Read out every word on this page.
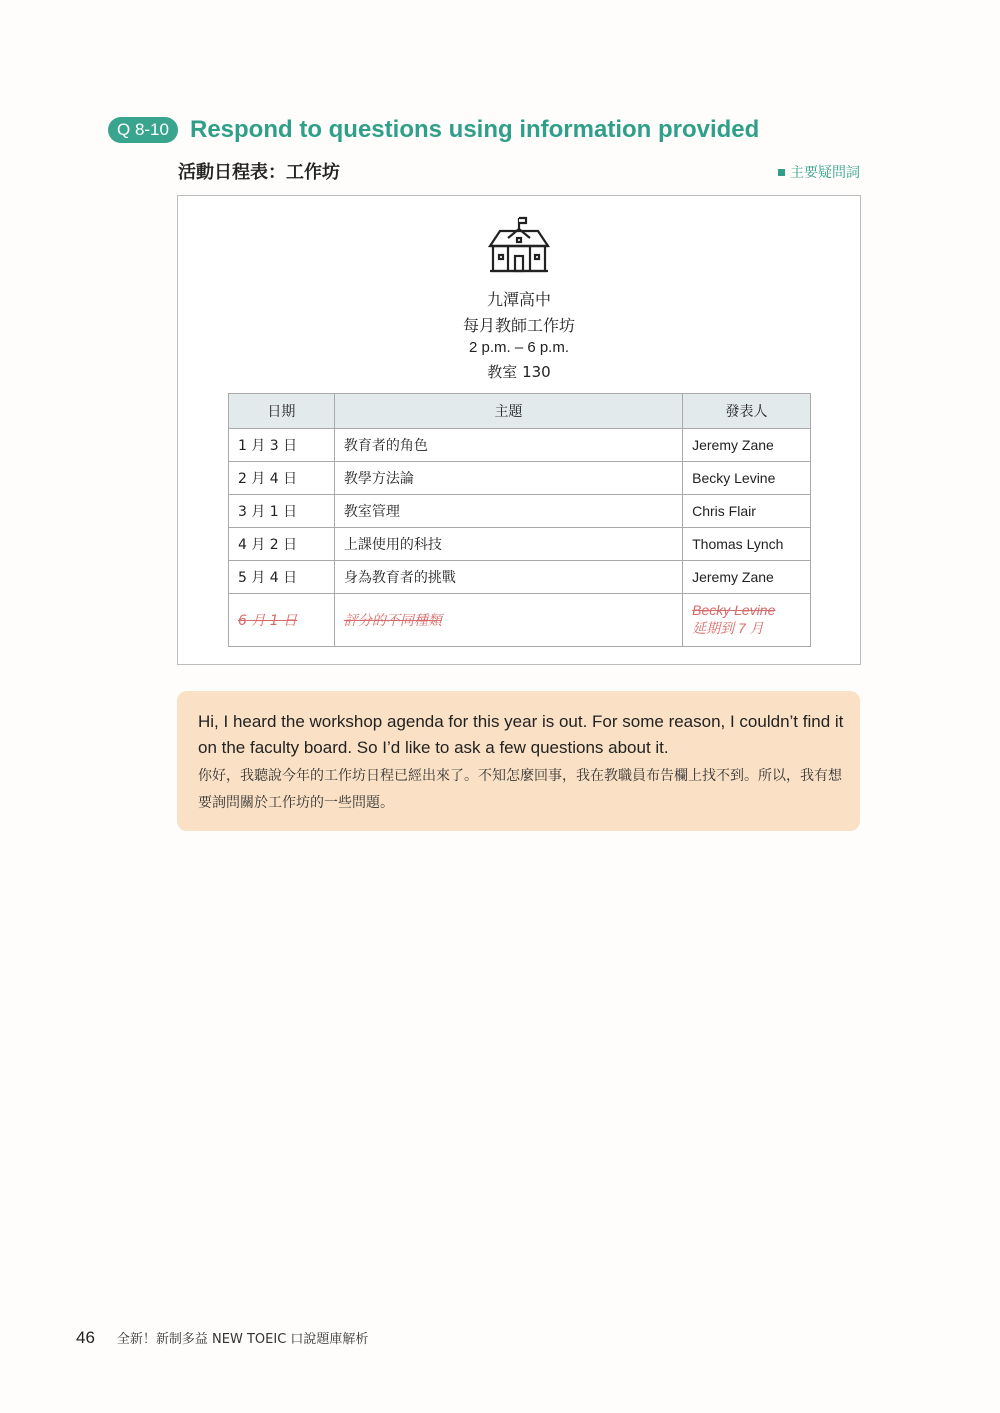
Q 8-10 Respond to questions using information provided
活動日程表：工作坊	主要疑問詞
九潭高中
每月教師工作坊
2 p.m. – 6 p.m.
教室 130
日期	主題	發表人
1 月 3 日	教育者的角色	Jeremy Zane
2 月 4 日	教學方法論	Becky Levine
3 月 1 日	教室管理	Chris Flair
4 月 2 日	上課使用的科技	Thomas Lynch
5 月 4 日	身為教育者的挑戰	Jeremy Zane
6 月 1 日	評分的不同種類	Becky Levine
延期到 7 月
Hi, I heard the workshop agenda for this year is out. For some reason, I couldn’t find it on the faculty board. So I’d like to ask a few questions about it.
你好，我聽說今年的工作坊日程已經出來了。不知怎麼回事，我在教職員布告欄上找不到。所以，我有想要詢問關於工作坊的一些問題。
46 全新！新制多益 NEW TOEIC 口說題庫解析
